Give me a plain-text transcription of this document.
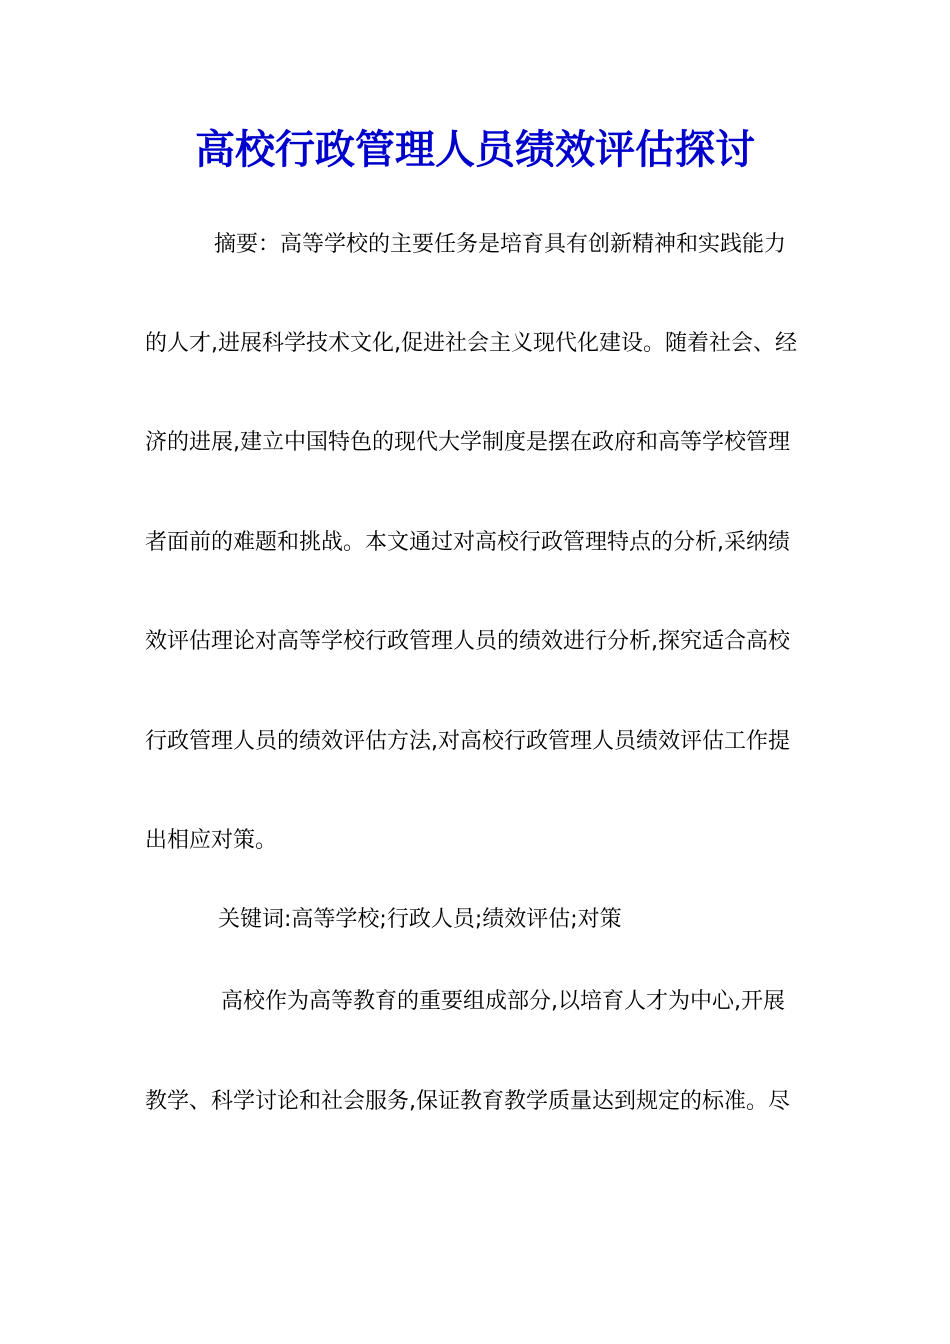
高校行政管理人员绩效评估探讨
摘要：高等学校的主要任务是培育具有创新精神和实践能力
的人才,进展科学技术文化,促进社会主义现代化建设。随着社会、经
济的进展,建立中国特色的现代大学制度是摆在政府和高等学校管理
者面前的难题和挑战。本文通过对高校行政管理特点的分析,采纳绩
效评估理论对高等学校行政管理人员的绩效进行分析,探究适合高校
行政管理人员的绩效评估方法,对高校行政管理人员绩效评估工作提
出相应对策。
关键词:高等学校;行政人员;绩效评估;对策
高校作为高等教育的重要组成部分,以培育人才为中心,开展
教学、科学讨论和社会服务,保证教育教学质量达到规定的标准。尽
